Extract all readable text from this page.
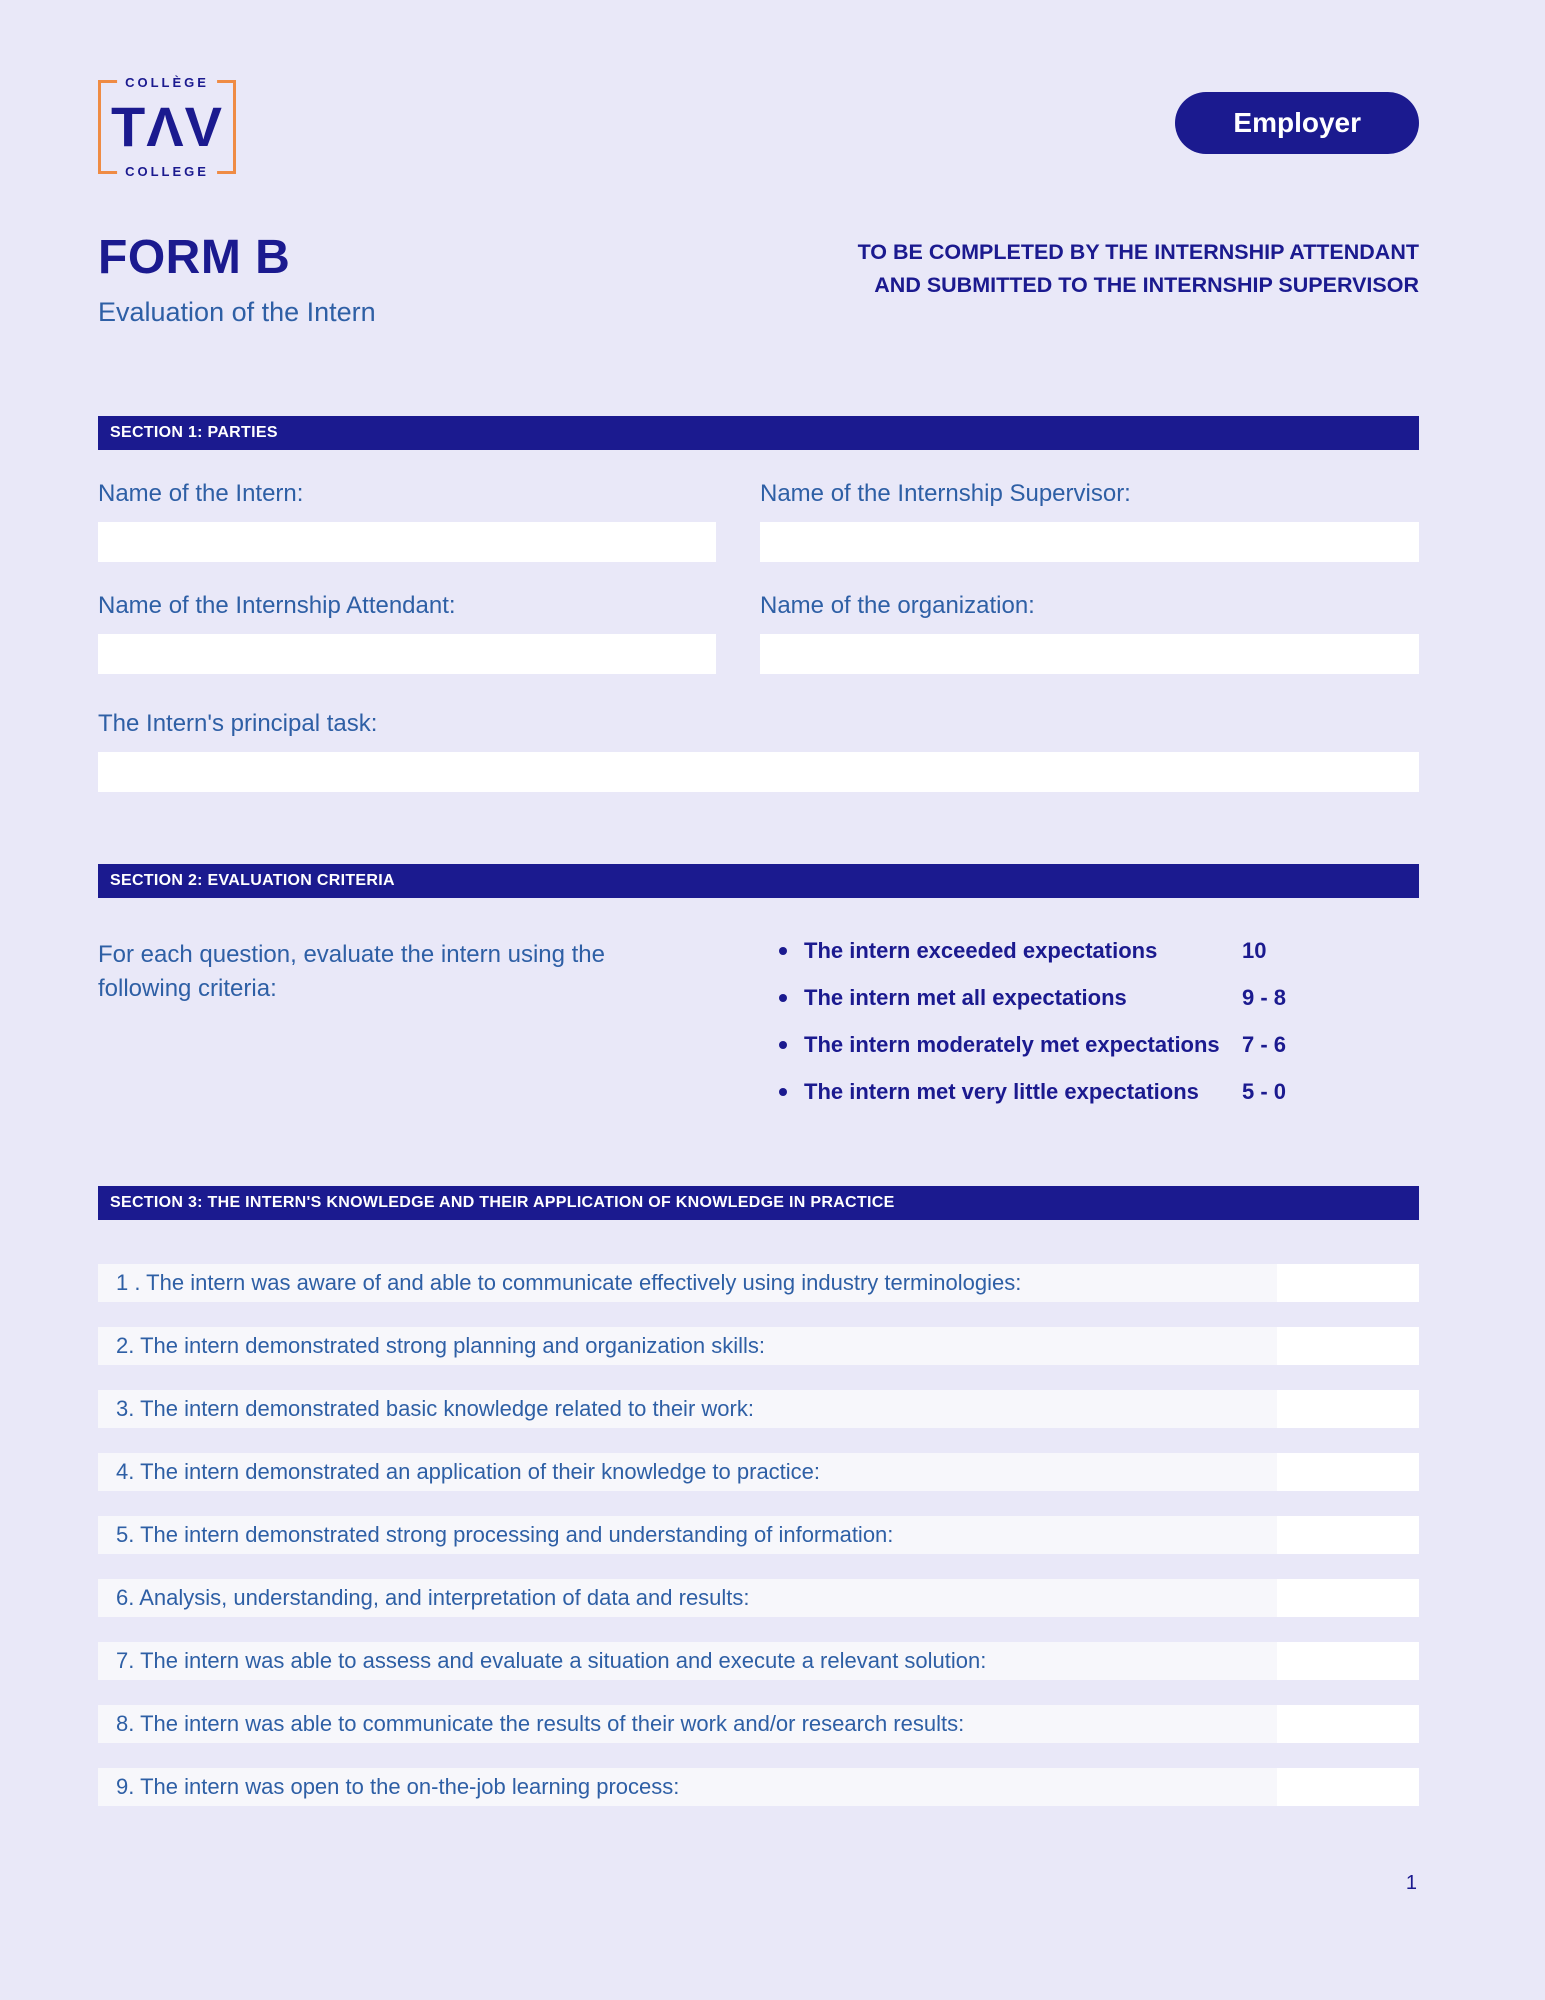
COLLÈGE
TΛV
COLLEGE
Employer
FORM B
Evaluation of the Intern
TO BE COMPLETED BY THE INTERNSHIP ATTENDANT
AND SUBMITTED TO THE INTERNSHIP SUPERVISOR
SECTION 1: PARTIES
Name of the Intern:	Name of the Internship Supervisor:
Name of the Internship Attendant:	Name of the organization:
The Intern's principal task:
SECTION 2: EVALUATION CRITERIA
For each question, evaluate the intern using the following criteria:
The intern exceeded expectations	10
The intern met all expectations	9 - 8
The intern moderately met expectations	7 - 6
The intern met very little expectations	5 - 0
SECTION 3: THE INTERN'S KNOWLEDGE AND THEIR APPLICATION OF KNOWLEDGE IN PRACTICE
1 . The intern was aware of and able to communicate effectively using industry terminologies:
2. The intern demonstrated strong planning and organization skills:
3. The intern demonstrated basic knowledge related to their work:
4. The intern demonstrated an application of their knowledge to practice:
5. The intern demonstrated strong processing and understanding of information:
6. Analysis, understanding, and interpretation of data and results:
7. The intern was able to assess and evaluate a situation and execute a relevant solution:
8. The intern was able to communicate the results of their work and/or research results:
9. The intern was open to the on-the-job learning process:
1
